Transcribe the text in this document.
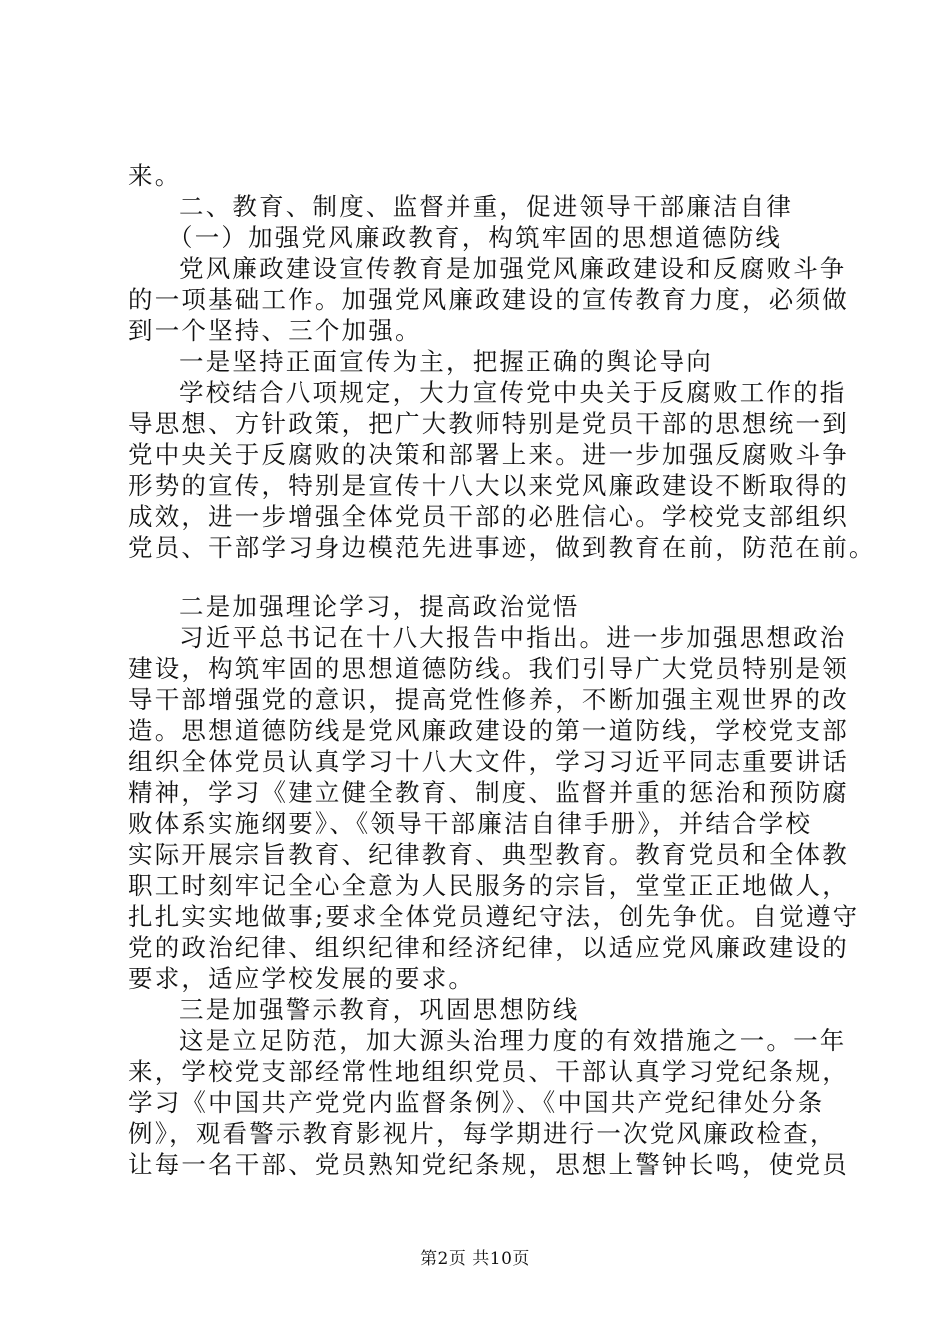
来。
二、教育、制度、监督并重，促进领导干部廉洁自律
（一）加强党风廉政教育，构筑牢固的思想道德防线
党风廉政建设宣传教育是加强党风廉政建设和反腐败斗争
的一项基础工作。加强党风廉政建设的宣传教育力度，必须做
到一个坚持、三个加强。
一是坚持正面宣传为主，把握正确的舆论导向
学校结合八项规定，大力宣传党中央关于反腐败工作的指
导思想、方针政策，把广大教师特别是党员干部的思想统一到
党中央关于反腐败的决策和部署上来。进一步加强反腐败斗争
形势的宣传，特别是宣传十八大以来党风廉政建设不断取得的
成效，进一步增强全体党员干部的必胜信心。学校党支部组织
党员、干部学习身边模范先进事迹，做到教育在前，防范在前。
二是加强理论学习，提高政治觉悟
习近平总书记在十八大报告中指出。进一步加强思想政治
建设，构筑牢固的思想道德防线。我们引导广大党员特别是领
导干部增强党的意识，提高党性修养，不断加强主观世界的改
造。思想道德防线是党风廉政建设的第一道防线，学校党支部
组织全体党员认真学习十八大文件，学习习近平同志重要讲话
精神，学习《建立健全教育、制度、监督并重的惩治和预防腐
败体系实施纲要》、《领导干部廉洁自律手册》，并结合学校
实际开展宗旨教育、纪律教育、典型教育。教育党员和全体教
职工时刻牢记全心全意为人民服务的宗旨，堂堂正正地做人，
扎扎实实地做事;要求全体党员遵纪守法，创先争优。自觉遵守
党的政治纪律、组织纪律和经济纪律，以适应党风廉政建设的
要求，适应学校发展的要求。
三是加强警示教育，巩固思想防线
这是立足防范，加大源头治理力度的有效措施之一。一年
来，学校党支部经常性地组织党员、干部认真学习党纪条规，
学习《中国共产党党内监督条例》、《中国共产党纪律处分条
例》，观看警示教育影视片，每学期进行一次党风廉政检查，
让每一名干部、党员熟知党纪条规，思想上警钟长鸣，使党员
第2页 共10页
